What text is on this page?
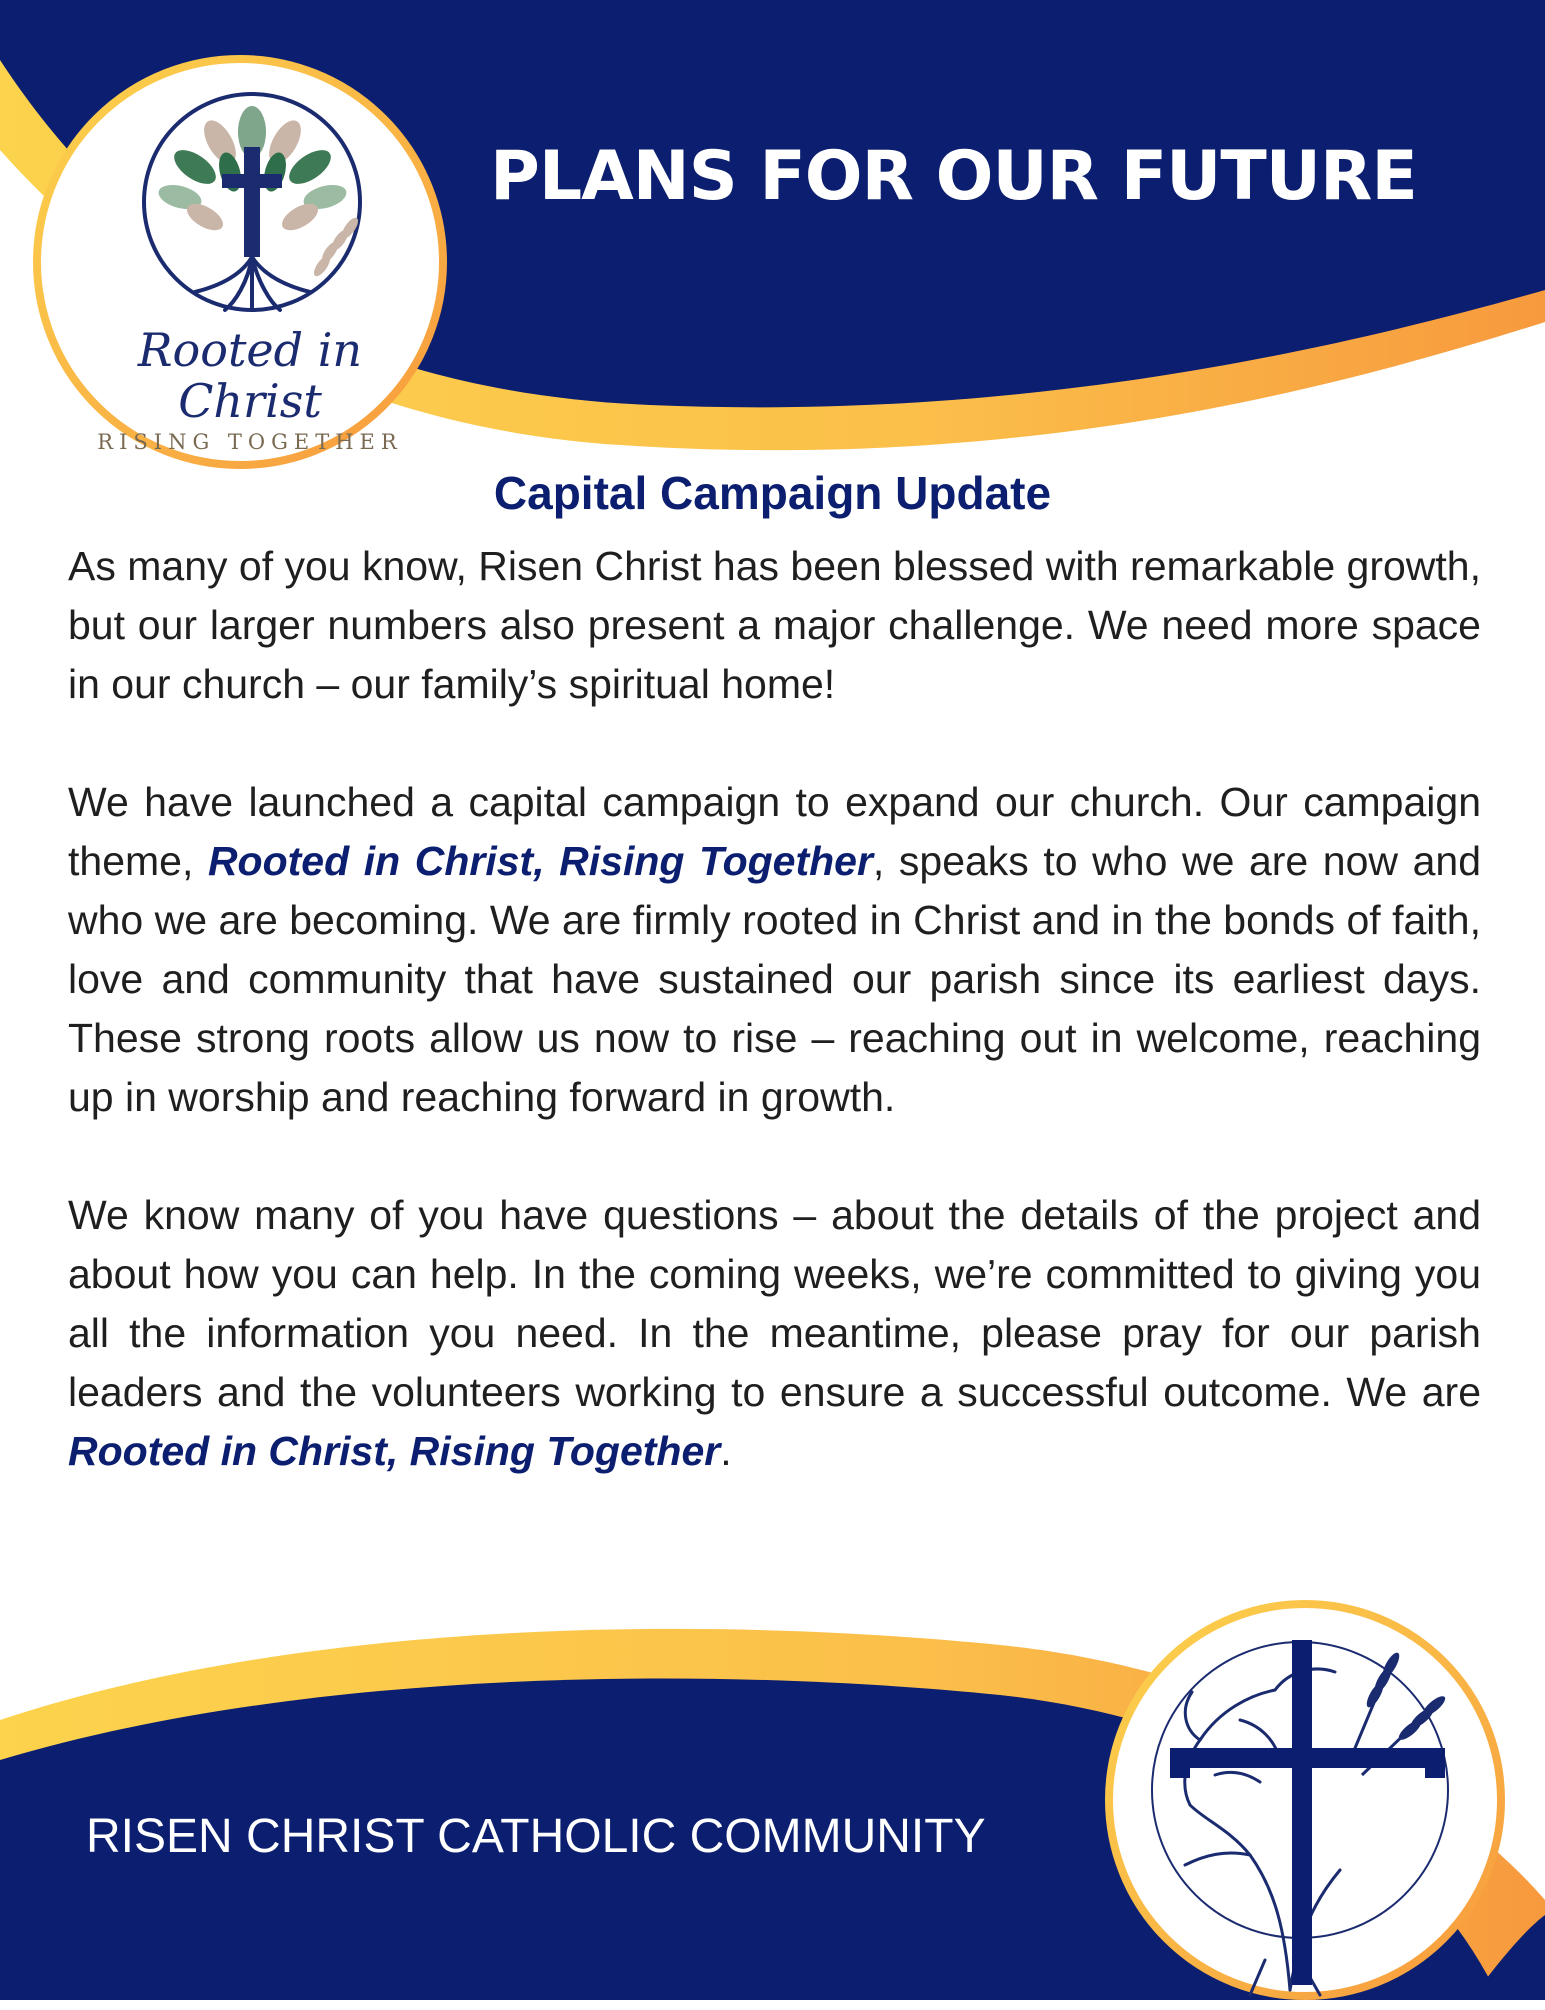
PLANS FOR OUR FUTURE
Rooted in Christ
RISING TOGETHER
Capital Campaign Update

As many of you know, Risen Christ has been blessed with remarkable growth, but our larger numbers also present a major challenge. We need more space in our church – our family’s spiritual home!

We have launched a capital campaign to expand our church. Our campaign theme, Rooted in Christ, Rising Together, speaks to who we are now and who we are becoming. We are firmly rooted in Christ and in the bonds of faith, love and community that have sustained our parish since its earliest days. These strong roots allow us now to rise – reaching out in welcome, reaching up in worship and reaching forward in growth.

We know many of you have questions – about the details of the project and about how you can help. In the coming weeks, we’re committed to giving you all the information you need. In the meantime, please pray for our parish leaders and the volunteers working to ensure a successful outcome. We are Rooted in Christ, Rising Together.

RISEN CHRIST CATHOLIC COMMUNITY
